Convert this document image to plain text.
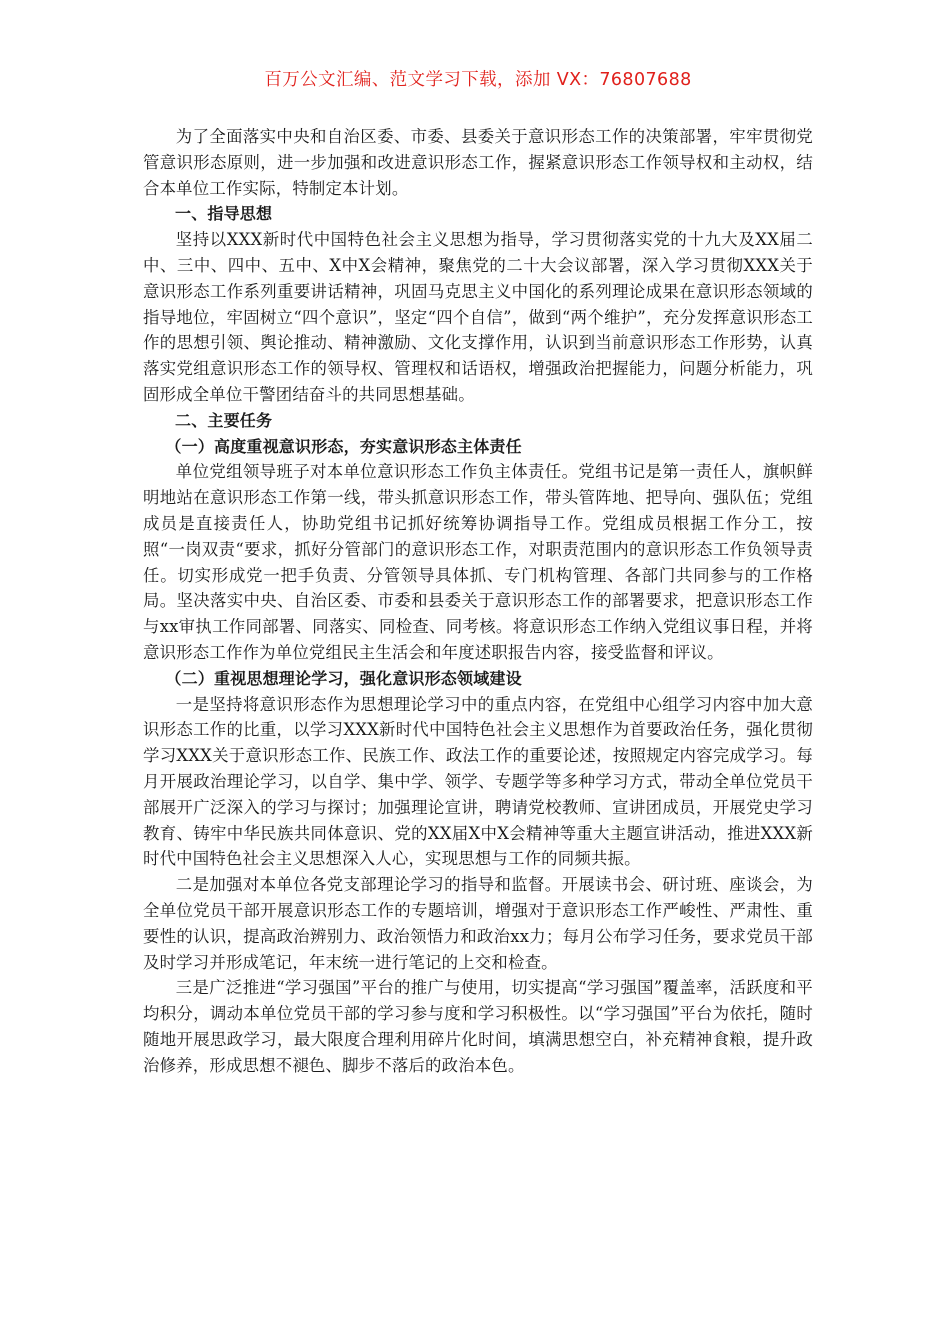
百万公文汇编、范文学习下载，添加 VX：76807688

为了全面落实中央和自治区委、市委、县委关于意识形态工作的决策部署，牢牢贯彻党管意识形态原则，进一步加强和改进意识形态工作，握紧意识形态工作领导权和主动权，结合本单位工作实际，特制定本计划。

一、指导思想

坚持以XXX新时代中国特色社会主义思想为指导，学习贯彻落实党的十九大及XX届二中、三中、四中、五中、X中X会精神，聚焦党的二十大会议部署，深入学习贯彻XXX关于意识形态工作系列重要讲话精神，巩固马克思主义中国化的系列理论成果在意识形态领域的指导地位，牢固树立“四个意识”，坚定“四个自信”，做到“两个维护”，充分发挥意识形态工作的思想引领、舆论推动、精神激励、文化支撑作用，认识到当前意识形态工作形势，认真落实党组意识形态工作的领导权、管理权和话语权，增强政治把握能力，问题分析能力，巩固形成全单位干警团结奋斗的共同思想基础。

二、主要任务

（一）高度重视意识形态，夯实意识形态主体责任

单位党组领导班子对本单位意识形态工作负主体责任。党组书记是第一责任人，旗帜鲜明地站在意识形态工作第一线，带头抓意识形态工作，带头管阵地、把导向、强队伍；党组成员是直接责任人，协助党组书记抓好统筹协调指导工作。党组成员根据工作分工，按照“一岗双责“要求，抓好分管部门的意识形态工作，对职责范围内的意识形态工作负领导责任。切实形成党一把手负责、分管领导具体抓、专门机构管理、各部门共同参与的工作格局。坚决落实中央、自治区委、市委和县委关于意识形态工作的部署要求，把意识形态工作与xx审执工作同部署、同落实、同检查、同考核。将意识形态工作纳入党组议事日程，并将意识形态工作作为单位党组民主生活会和年度述职报告内容，接受监督和评议。

（二）重视思想理论学习，强化意识形态领域建设

一是坚持将意识形态作为思想理论学习中的重点内容，在党组中心组学习内容中加大意识形态工作的比重，以学习XXX新时代中国特色社会主义思想作为首要政治任务，强化贯彻学习XXX关于意识形态工作、民族工作、政法工作的重要论述，按照规定内容完成学习。每月开展政治理论学习，以自学、集中学、领学、专题学等多种学习方式，带动全单位党员干部展开广泛深入的学习与探讨；加强理论宣讲，聘请党校教师、宣讲团成员，开展党史学习教育、铸牢中华民族共同体意识、党的XX届X中X会精神等重大主题宣讲活动，推进XXX新时代中国特色社会主义思想深入人心，实现思想与工作的同频共振。

二是加强对本单位各党支部理论学习的指导和监督。开展读书会、研讨班、座谈会，为全单位党员干部开展意识形态工作的专题培训，增强对于意识形态工作严峻性、严肃性、重要性的认识，提高政治辨别力、政治领悟力和政治xx力；每月公布学习任务，要求党员干部及时学习并形成笔记，年末统一进行笔记的上交和检查。

三是广泛推进“学习强国”平台的推广与使用，切实提高“学习强国”覆盖率，活跃度和平均积分，调动本单位党员干部的学习参与度和学习积极性。以“学习强国”平台为依托，随时随地开展思政学习，最大限度合理利用碎片化时间，填满思想空白，补充精神食粮，提升政治修养，形成思想不褪色、脚步不落后的政治本色。
